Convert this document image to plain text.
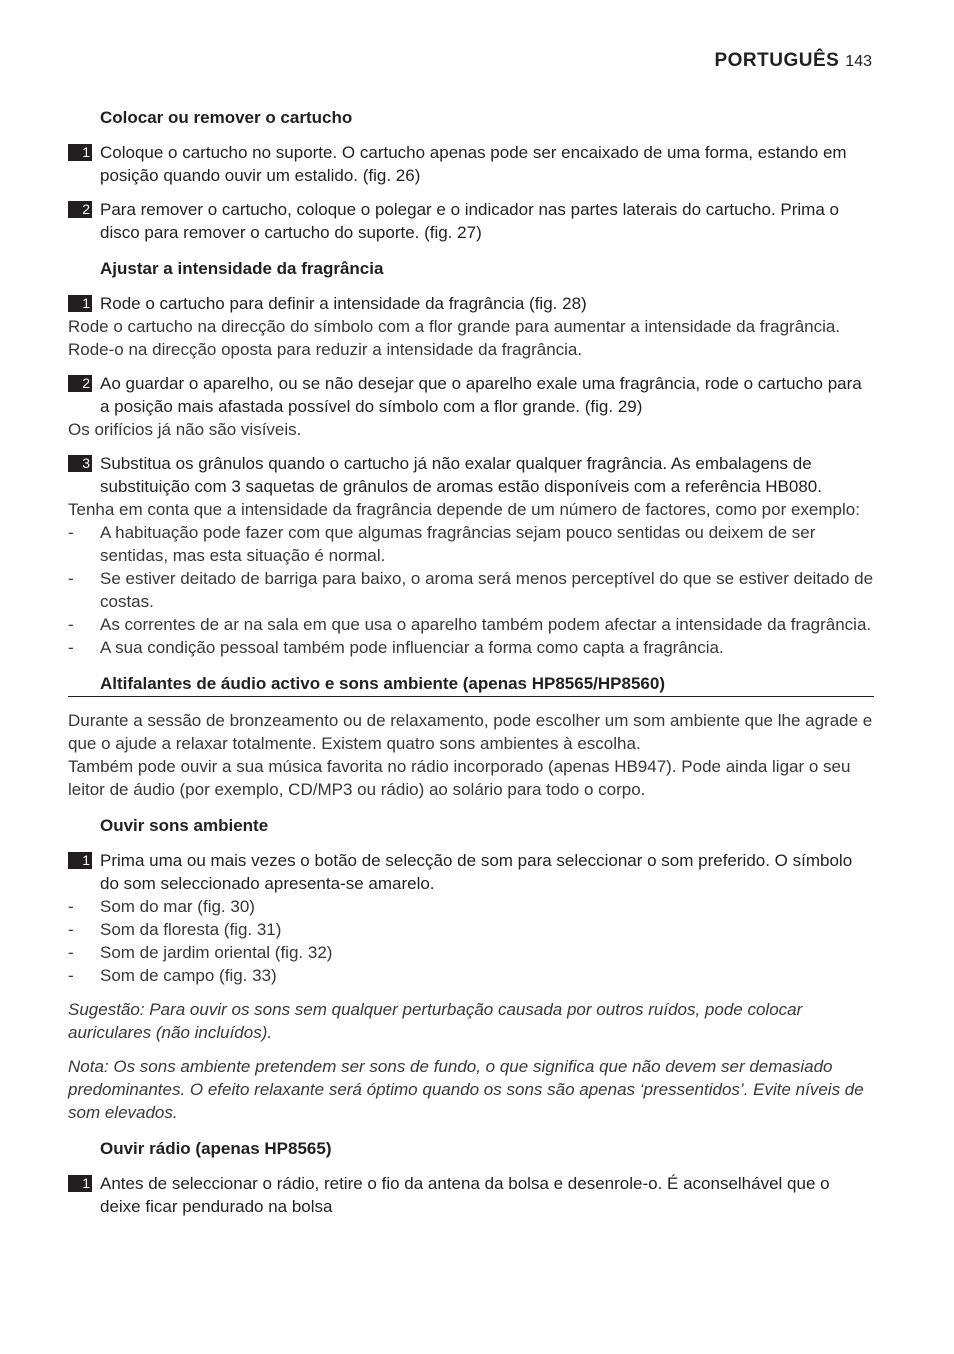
PORTUGUÊS 143
Colocar ou remover o cartucho
1 Coloque o cartucho no suporte. O cartucho apenas pode ser encaixado de uma forma, estando em posição quando ouvir um estalido. (fig. 26)
2 Para remover o cartucho, coloque o polegar e o indicador nas partes laterais do cartucho. Prima o disco para remover o cartucho do suporte. (fig. 27)
Ajustar a intensidade da fragrância
1 Rode o cartucho para definir a intensidade da fragrância (fig. 28)
Rode o cartucho na direcção do símbolo com a flor grande para aumentar a intensidade da fragrância. Rode-o na direcção oposta para reduzir a intensidade da fragrância.
2 Ao guardar o aparelho, ou se não desejar que o aparelho exale uma fragrância, rode o cartucho para a posição mais afastada possível do símbolo com a flor grande. (fig. 29)
Os orifícios já não são visíveis.
3 Substitua os grânulos quando o cartucho já não exalar qualquer fragrância. As embalagens de substituição com 3 saquetas de grânulos de aromas estão disponíveis com a referência HB080.
Tenha em conta que a intensidade da fragrância depende de um número de factores, como por exemplo:
- A habituação pode fazer com que algumas fragrâncias sejam pouco sentidas ou deixem de ser sentidas, mas esta situação é normal.
- Se estiver deitado de barriga para baixo, o aroma será menos perceptível do que se estiver deitado de costas.
- As correntes de ar na sala em que usa o aparelho também podem afectar a intensidade da fragrância.
- A sua condição pessoal também pode influenciar a forma como capta a fragrância.
Altifalantes de áudio activo e sons ambiente (apenas HP8565/HP8560)
Durante a sessão de bronzeamento ou de relaxamento, pode escolher um som ambiente que lhe agrade e que o ajude a relaxar totalmente. Existem quatro sons ambientes à escolha.
Também pode ouvir a sua música favorita no rádio incorporado (apenas HB947). Pode ainda ligar o seu leitor de áudio (por exemplo, CD/MP3 ou rádio) ao solário para todo o corpo.
Ouvir sons ambiente
1 Prima uma ou mais vezes o botão de selecção de som para seleccionar o som preferido. O símbolo do som seleccionado apresenta-se amarelo.
- Som do mar (fig. 30)
- Som da floresta (fig. 31)
- Som de jardim oriental (fig. 32)
- Som de campo (fig. 33)
Sugestão: Para ouvir os sons sem qualquer perturbação causada por outros ruídos, pode colocar auriculares (não incluídos).
Nota: Os sons ambiente pretendem ser sons de fundo, o que significa que não devem ser demasiado predominantes. O efeito relaxante será óptimo quando os sons são apenas ‘pressentidos’. Evite níveis de som elevados.
Ouvir rádio (apenas HP8565)
1 Antes de seleccionar o rádio, retire o fio da antena da bolsa e desenrole-o. É aconselhável que o deixe ficar pendurado na bolsa
